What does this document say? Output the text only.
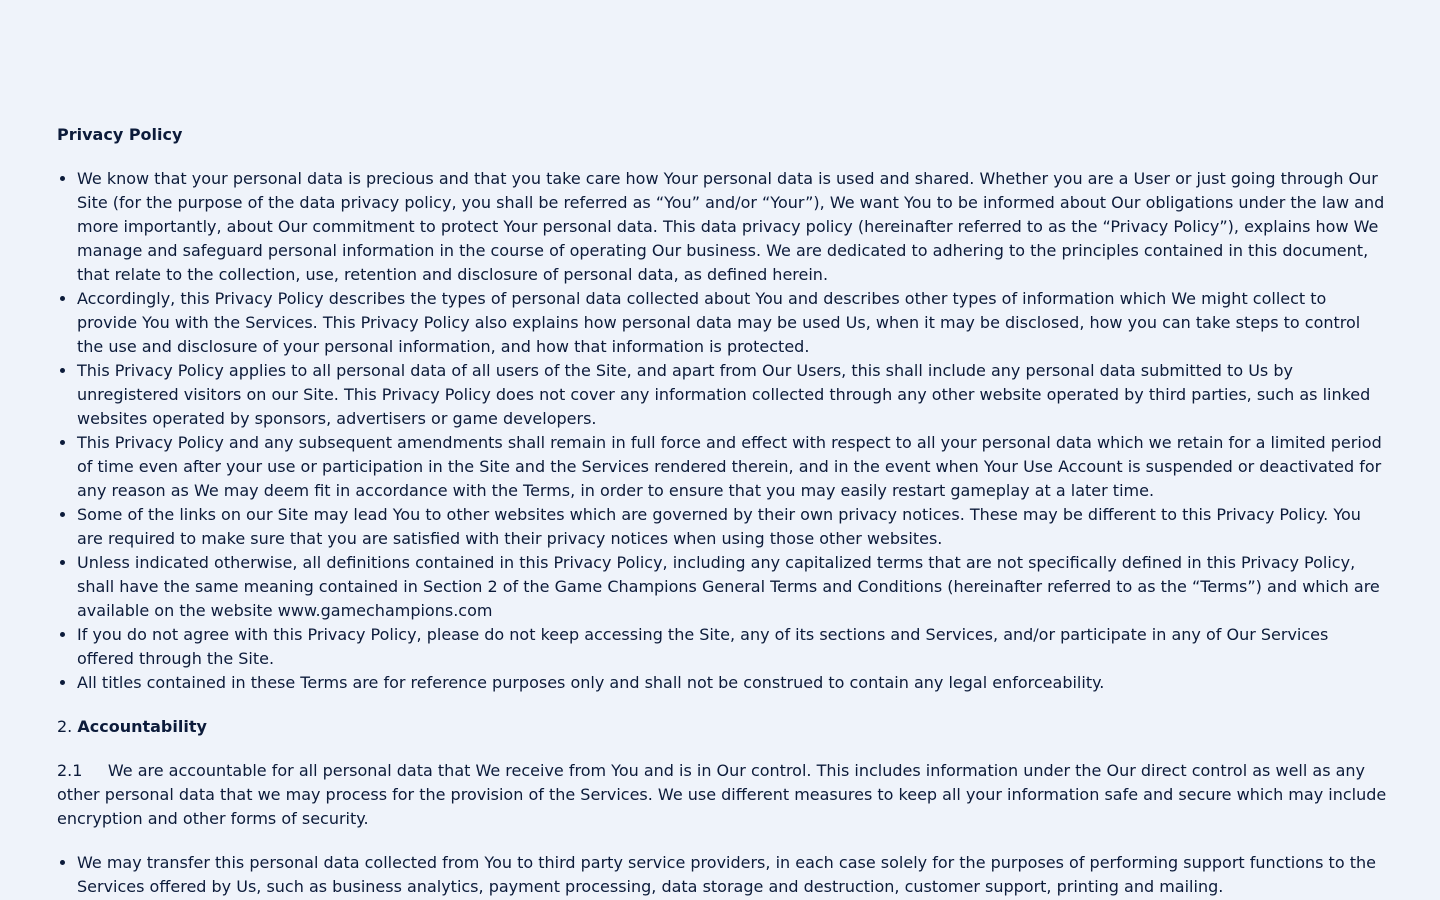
Privacy Policy

• We know that your personal data is precious and that you take care how Your personal data is used and shared. Whether you are a User or just going through Our Site (for the purpose of the data privacy policy, you shall be referred as “You” and/or “Your”), We want You to be informed about Our obligations under the law and more importantly, about Our commitment to protect Your personal data. This data privacy policy (hereinafter referred to as the “Privacy Policy”), explains how We manage and safeguard personal information in the course of operating Our business. We are dedicated to adhering to the principles contained in this document, that relate to the collection, use, retention and disclosure of personal data, as defined herein.
• Accordingly, this Privacy Policy describes the types of personal data collected about You and describes other types of information which We might collect to provide You with the Services. This Privacy Policy also explains how personal data may be used Us, when it may be disclosed, how you can take steps to control the use and disclosure of your personal information, and how that information is protected.
• This Privacy Policy applies to all personal data of all users of the Site, and apart from Our Users, this shall include any personal data submitted to Us by unregistered visitors on our Site. This Privacy Policy does not cover any information collected through any other website operated by third parties, such as linked websites operated by sponsors, advertisers or game developers.
• This Privacy Policy and any subsequent amendments shall remain in full force and effect with respect to all your personal data which we retain for a limited period of time even after your use or participation in the Site and the Services rendered therein, and in the event when Your Use Account is suspended or deactivated for any reason as We may deem fit in accordance with the Terms, in order to ensure that you may easily restart gameplay at a later time.
• Some of the links on our Site may lead You to other websites which are governed by their own privacy notices. These may be different to this Privacy Policy. You are required to make sure that you are satisfied with their privacy notices when using those other websites.
• Unless indicated otherwise, all definitions contained in this Privacy Policy, including any capitalized terms that are not specifically defined in this Privacy Policy, shall have the same meaning contained in Section 2 of the Game Champions General Terms and Conditions (hereinafter referred to as the “Terms”) and which are available on the website www.gamechampions.com
• If you do not agree with this Privacy Policy, please do not keep accessing the Site, any of its sections and Services, and/or participate in any of Our Services offered through the Site.
• All titles contained in these Terms are for reference purposes only and shall not be construed to contain any legal enforceability.

2. Accountability

2.1     We are accountable for all personal data that We receive from You and is in Our control. This includes information under the Our direct control as well as any other personal data that we may process for the provision of the Services. We use different measures to keep all your information safe and secure which may include encryption and other forms of security.

• We may transfer this personal data collected from You to third party service providers, in each case solely for the purposes of performing support functions to the Services offered by Us, such as business analytics, payment processing, data storage and destruction, customer support, printing and mailing.
